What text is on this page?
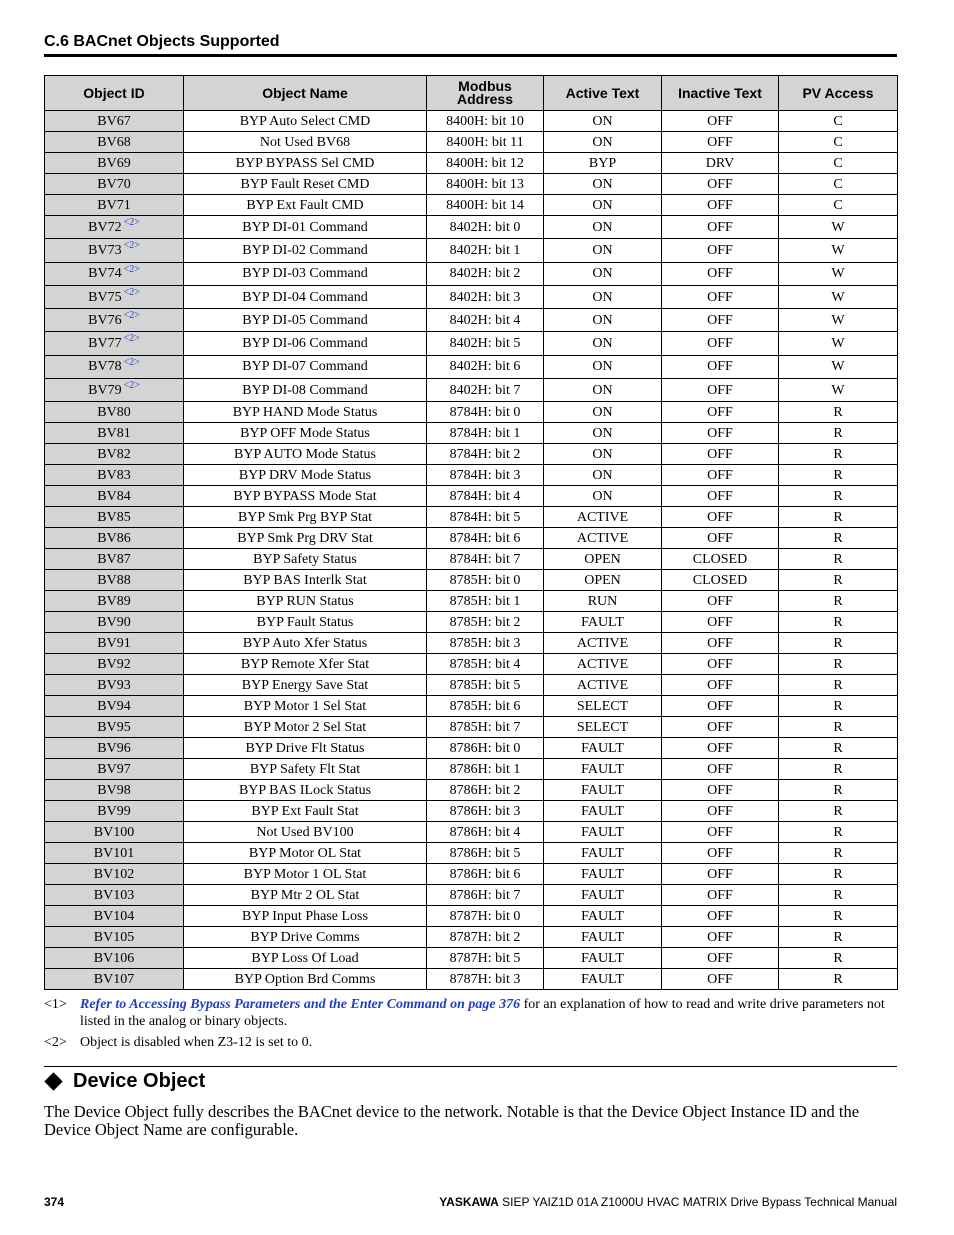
C.6 BACnet Objects Supported
Object ID	Object Name	Modbus Address	Active Text	Inactive Text	PV Access
BV67	BYP Auto Select CMD	8400H: bit 10	ON	OFF	C
BV68	Not Used BV68	8400H: bit 11	ON	OFF	C
BV69	BYP BYPASS Sel CMD	8400H: bit 12	BYP	DRV	C
BV70	BYP Fault Reset CMD	8400H: bit 13	ON	OFF	C
BV71	BYP Ext Fault CMD	8400H: bit 14	ON	OFF	C
BV72 $^{<2>}$	BYP DI-01 Command	8402H: bit 0	ON	OFF	W
BV73 $^{<2>}$	BYP DI-02 Command	8402H: bit 1	ON	OFF	W
BV74 $^{<2>}$	BYP DI-03 Command	8402H: bit 2	ON	OFF	W
BV75 $^{<2>}$	BYP DI-04 Command	8402H: bit 3	ON	OFF	W
BV76 $^{<2>}$	BYP DI-05 Command	8402H: bit 4	ON	OFF	W
BV77 $^{<2>}$	BYP DI-06 Command	8402H: bit 5	ON	OFF	W
BV78 $^{<2>}$	BYP DI-07 Command	8402H: bit 6	ON	OFF	W
BV79 $^{<2>}$	BYP DI-08 Command	8402H: bit 7	ON	OFF	W
BV80	BYP HAND Mode Status	8784H: bit 0	ON	OFF	R
BV81	BYP OFF Mode Status	8784H: bit 1	ON	OFF	R
BV82	BYP AUTO Mode Status	8784H: bit 2	ON	OFF	R
BV83	BYP DRV Mode Status	8784H: bit 3	ON	OFF	R
BV84	BYP BYPASS Mode Stat	8784H: bit 4	ON	OFF	R
BV85	BYP Smk Prg BYP Stat	8784H: bit 5	ACTIVE	OFF	R
BV86	BYP Smk Prg DRV Stat	8784H: bit 6	ACTIVE	OFF	R
BV87	BYP Safety Status	8784H: bit 7	OPEN	CLOSED	R
BV88	BYP BAS Interlk Stat	8785H: bit 0	OPEN	CLOSED	R
BV89	BYP RUN Status	8785H: bit 1	RUN	OFF	R
BV90	BYP Fault Status	8785H: bit 2	FAULT	OFF	R
BV91	BYP Auto Xfer Status	8785H: bit 3	ACTIVE	OFF	R
BV92	BYP Remote Xfer Stat	8785H: bit 4	ACTIVE	OFF	R
BV93	BYP Energy Save Stat	8785H: bit 5	ACTIVE	OFF	R
BV94	BYP Motor 1 Sel Stat	8785H: bit 6	SELECT	OFF	R
BV95	BYP Motor 2 Sel Stat	8785H: bit 7	SELECT	OFF	R
BV96	BYP Drive Flt Status	8786H: bit 0	FAULT	OFF	R
BV97	BYP Safety Flt Stat	8786H: bit 1	FAULT	OFF	R
BV98	BYP BAS ILock Status	8786H: bit 2	FAULT	OFF	R
BV99	BYP Ext Fault Stat	8786H: bit 3	FAULT	OFF	R
BV100	Not Used BV100	8786H: bit 4	FAULT	OFF	R
BV101	BYP Motor OL Stat	8786H: bit 5	FAULT	OFF	R
BV102	BYP Motor 1 OL Stat	8786H: bit 6	FAULT	OFF	R
BV103	BYP Mtr 2 OL Stat	8786H: bit 7	FAULT	OFF	R
BV104	BYP Input Phase Loss	8787H: bit 0	FAULT	OFF	R
BV105	BYP Drive Comms	8787H: bit 2	FAULT	OFF	R
BV106	BYP Loss Of Load	8787H: bit 5	FAULT	OFF	R
BV107	BYP Option Brd Comms	8787H: bit 3	FAULT	OFF	R
<1> Refer to Accessing Bypass Parameters and the Enter Command on page 376 for an explanation of how to read and write drive parameters not listed in the analog or binary objects.
<2> Object is disabled when Z3-12 is set to 0.
Device Object
The Device Object fully describes the BACnet device to the network. Notable is that the Device Object Instance ID and the Device Object Name are configurable.
374	YASKAWA SIEP YAIZ1D 01A Z1000U HVAC MATRIX Drive Bypass Technical Manual
